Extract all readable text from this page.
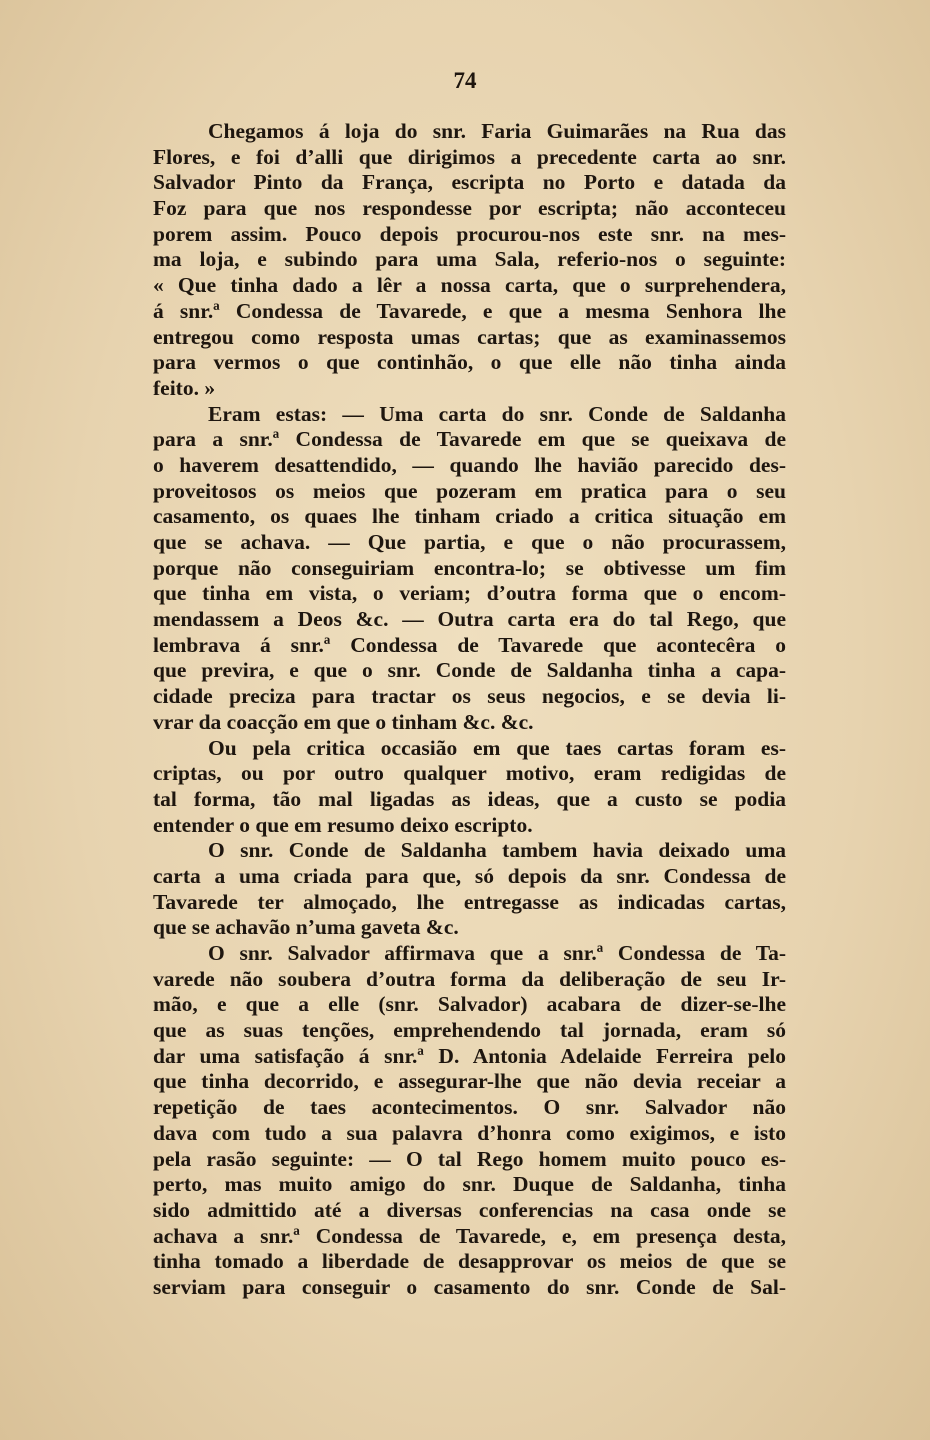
74

Chegamos á loja do snr. Faria Guimarães na Rua das
Flores, e foi d’alli que dirigimos a precedente carta ao snr.
Salvador Pinto da França, escripta no Porto e datada da
Foz para que nos respondesse por escripta; não acconteceu
porem assim. Pouco depois procurou-nos este snr. na mes-
ma loja, e subindo para uma Sala, referio-nos o seguinte:
« Que tinha dado a lêr a nossa carta, que o surprehendera,
á snr.ª Condessa de Tavarede, e que a mesma Senhora lhe
entregou como resposta umas cartas; que as examinassemos
para vermos o que continhão, o que elle não tinha ainda
feito. »
Eram estas: — Uma carta do snr. Conde de Saldanha
para a snr.ª Condessa de Tavarede em que se queixava de
o haverem desattendido, — quando lhe havião parecido des-
proveitosos os meios que pozeram em pratica para o seu
casamento, os quaes lhe tinham criado a critica situação em
que se achava. — Que partia, e que o não procurassem,
porque não conseguiriam encontra-lo; se obtivesse um fim
que tinha em vista, o veriam; d’outra forma que o encom-
mendassem a Deos &c. — Outra carta era do tal Rego, que
lembrava á snr.ª Condessa de Tavarede que acontecêra o
que previra, e que o snr. Conde de Saldanha tinha a capa-
cidade preciza para tractar os seus negocios, e se devia li-
vrar da coacção em que o tinham &c. &c.
Ou pela critica occasião em que taes cartas foram es-
criptas, ou por outro qualquer motivo, eram redigidas de
tal forma, tão mal ligadas as ideas, que a custo se podia
entender o que em resumo deixo escripto.
O snr. Conde de Saldanha tambem havia deixado uma
carta a uma criada para que, só depois da snr. Condessa de
Tavarede ter almoçado, lhe entregasse as indicadas cartas,
que se achavão n’uma gaveta &c.
O snr. Salvador affirmava que a snr.ª Condessa de Ta-
varede não soubera d’outra forma da deliberação de seu Ir-
mão, e que a elle (snr. Salvador) acabara de dizer-se-lhe
que as suas tenções, emprehendendo tal jornada, eram só
dar uma satisfação á snr.ª D. Antonia Adelaide Ferreira pelo
que tinha decorrido, e assegurar-lhe que não devia receiar a
repetição de taes acontecimentos. O snr. Salvador não
dava com tudo a sua palavra d’honra como exigimos, e isto
pela rasão seguinte: — O tal Rego homem muito pouco es-
perto, mas muito amigo do snr. Duque de Saldanha, tinha
sido admittido até a diversas conferencias na casa onde se
achava a snr.ª Condessa de Tavarede, e, em presença desta,
tinha tomado a liberdade de desapprovar os meios de que se
serviam para conseguir o casamento do snr. Conde de Sal-
